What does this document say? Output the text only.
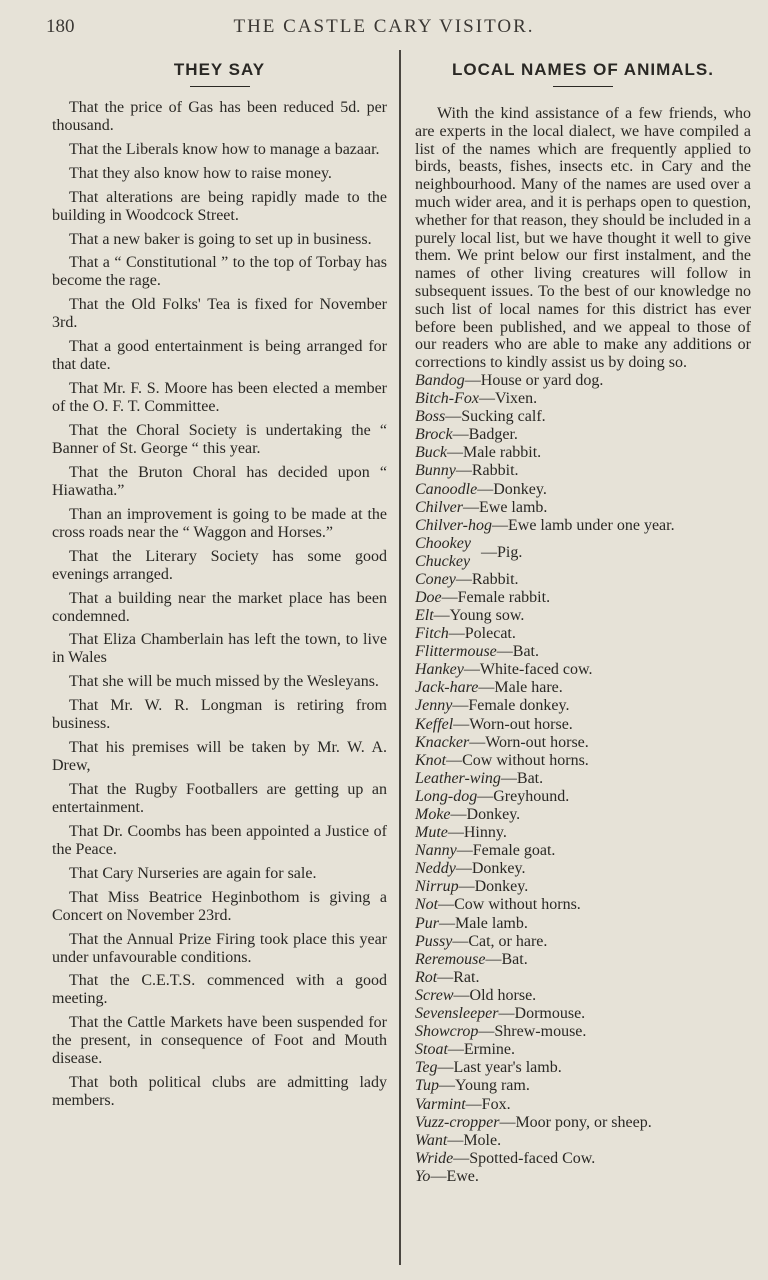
180	THE CASTLE CARY VISITOR.
THEY SAY
That the price of Gas has been reduced 5d. per thousand.
That the Liberals know how to manage a bazaar.
That they also know how to raise money.
That alterations are being rapidly made to the building in Woodcock Street.
That a new baker is going to set up in business.
That a “ Constitutional ” to the top of Torbay has become the rage.
That the Old Folks' Tea is fixed for November 3rd.
That a good entertainment is being arranged for that date.
That Mr. F. S. Moore has been elected a member of the O. F. T. Committee.
That the Choral Society is undertaking the “ Banner of St. George “ this year.
That the Bruton Choral has decided upon “ Hiawatha.”
Than an improvement is going to be made at the cross roads near the “ Waggon and Horses.”
That the Literary Society has some good evenings arranged.
That a building near the market place has been condemned.
That Eliza Chamberlain has left the town, to live in Wales
That she will be much missed by the Wesleyans.
That Mr. W. R. Longman is retiring from business.
That his premises will be taken by Mr. W. A. Drew,
That the Rugby Footballers are getting up an entertainment.
That Dr. Coombs has been appointed a Justice of the Peace.
That Cary Nurseries are again for sale.
That Miss Beatrice Heginbothom is giving a Concert on November 23rd.
That the Annual Prize Firing took place this year under unfavourable conditions.
That the C.E.T.S. commenced with a good meeting.
That the Cattle Markets have been suspended for the present, in consequence of Foot and Mouth disease.
That both political clubs are admitting lady members.
LOCAL NAMES OF ANIMALS.

With the kind assistance of a few friends, who are experts in the local dialect, we have compiled a list of the names which are frequently applied to birds, beasts, fishes, insects etc. in Cary and the neighbourhood. Many of the names are used over a much wider area, and it is perhaps open to question, whether for that reason, they should be included in a purely local list, but we have thought it well to give them. We print below our first instalment, and the names of other living creatures will follow in subsequent issues. To the best of our knowledge no such list of local names for this district has ever before been published, and we appeal to those of our readers who are able to make any additions or corrections to kindly assist us by doing so.

Bandog—House or yard dog.
Bitch-Fox—Vixen.
Boss—Sucking calf.
Brock—Badger.
Buck—Male rabbit.
Bunny—Rabbit.
Canoodle—Donkey.
Chilver—Ewe lamb.
Chilver-hog—Ewe lamb under one year.
Chookey
Chuckey
—Pig.
Coney—Rabbit.
Doe—Female rabbit.
Elt—Young sow.
Fitch—Polecat.
Flittermouse—Bat.
Hankey—White-faced cow.
Jack-hare—Male hare.
Jenny—Female donkey.
Keffel—Worn-out horse.
Knacker—Worn-out horse.
Knot—Cow without horns.
Leather-wing—Bat.
Long-dog—Greyhound.
Moke—Donkey.
Mute—Hinny.
Nanny—Female goat.
Neddy—Donkey.
Nirrup—Donkey.
Not—Cow without horns.
Pur—Male lamb.
Pussy—Cat, or hare.
Reremouse—Bat.
Rot—Rat.
Screw—Old horse.
Sevensleeper—Dormouse.
Showcrop—Shrew-mouse.
Stoat—Ermine.
Teg—Last year's lamb.
Tup—Young ram.
Varmint—Fox.
Vuzz-cropper—Moor pony, or sheep.
Want—Mole.
Wride—Spotted-faced Cow.
Yo—Ewe.
